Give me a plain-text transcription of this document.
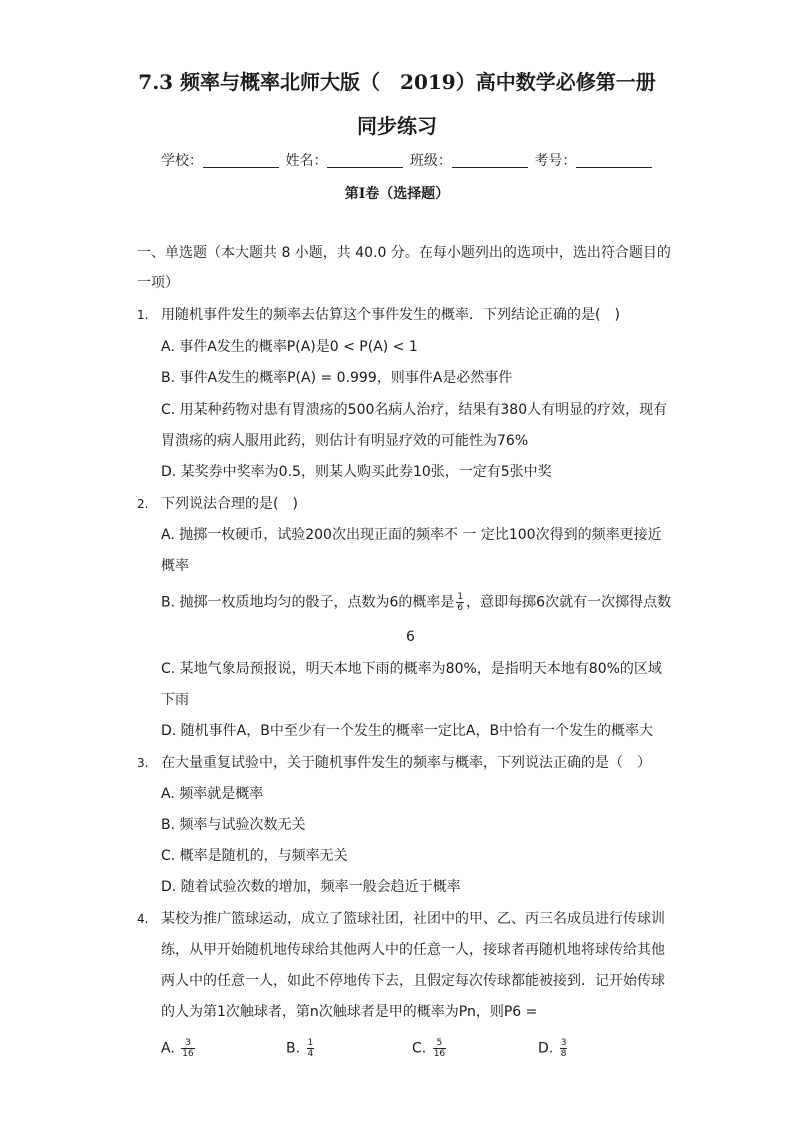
7.3 频率与概率北师大版（　2019）高中数学必修第一册
同步练习
学校：	姓名：	班级：	考号：
第I卷（选择题）
一、单选题（本大题共 8 小题，共 40.0 分。在每小题列出的选项中，选出符合题目的
一项）
1. 用随机事件发生的频率去估算这个事件发生的概率．下列结论正确的是(　)
A. 事件A发生的概率P(A)是0 < P(A) < 1
B. 事件A发生的概率P(A) = 0.999，则事件A是必然事件
C. 用某种药物对患有胃溃疡的500名病人治疗，结果有380人有明显的疗效，现有
胃溃疡的病人服用此药，则估计有明显疗效的可能性为76%
D. 某奖券中奖率为0.5，则某人购买此券10张，一定有5张中奖
2. 下列说法合理的是(　)
A. 抛掷一枚硬币，试验200次出现正面的频率不 一 定比100次得到的频率更接近
概率
B. 抛掷一枚质地均匀的骰子，点数为6的概率是 $\frac{1}{6}$ ，意即每掷6次就有一次掷得点数
6
C. 某地气象局预报说，明天本地下雨的概率为80%，是指明天本地有80%的区域
下雨
D. 随机事件A，B中至少有一个发生的概率一定比A，B中恰有一个发生的概率大
3. 在大量重复试验中，关于随机事件发生的频率与概率，下列说法正确的是（　）
A. 频率就是概率
B. 频率与试验次数无关
C. 概率是随机的，与频率无关
D. 随着试验次数的增加，频率一般会趋近于概率
4. 某校为推广篮球运动，成立了篮球社团，社团中的甲、乙、丙三名成员进行传球训
练，从甲开始随机地传球给其他两人中的任意一人，接球者再随机地将球传给其他
两人中的任意一人，如此不停地传下去，且假定每次传球都能被接到．记开始传球
的人为第1次触球者，第n次触球者是甲的概率为Pn，则P6 =
A. $\frac{3}{16}$	B. $\frac{1}{4}$	C. $\frac{5}{16}$	D. $\frac{3}{8}$
